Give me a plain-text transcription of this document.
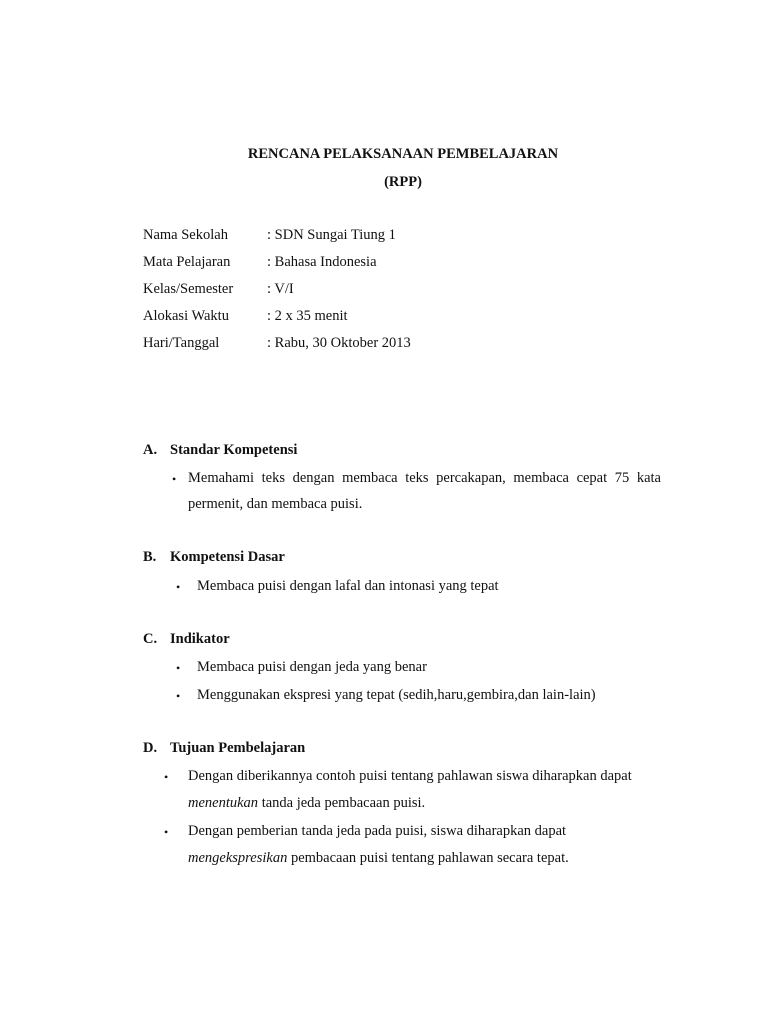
RENCANA PELAKSANAAN PEMBELAJARAN
(RPP)
Nama Sekolah	: SDN Sungai Tiung 1
Mata Pelajaran	: Bahasa Indonesia
Kelas/Semester : V/I
Alokasi Waktu	: 2 x 35 menit
Hari/Tanggal	: Rabu, 30 Oktober 2013
A. Standar Kompetensi
• Memahami teks dengan membaca teks percakapan, membaca cepat 75 kata
permenit, dan membaca puisi.
B. Kompetensi Dasar
• Membaca puisi dengan lafal dan intonasi yang tepat
C. Indikator
• Membaca puisi dengan jeda yang benar
• Menggunakan ekspresi yang tepat (sedih,haru,gembira,dan lain-lain)
D. Tujuan Pembelajaran
• Dengan diberikannya contoh puisi tentang pahlawan siswa diharapkan dapat
menentukan tanda jeda pembacaan puisi.
• Dengan pemberian tanda jeda pada puisi, siswa diharapkan dapat
mengekspresikan pembacaan puisi tentang pahlawan secara tepat.
